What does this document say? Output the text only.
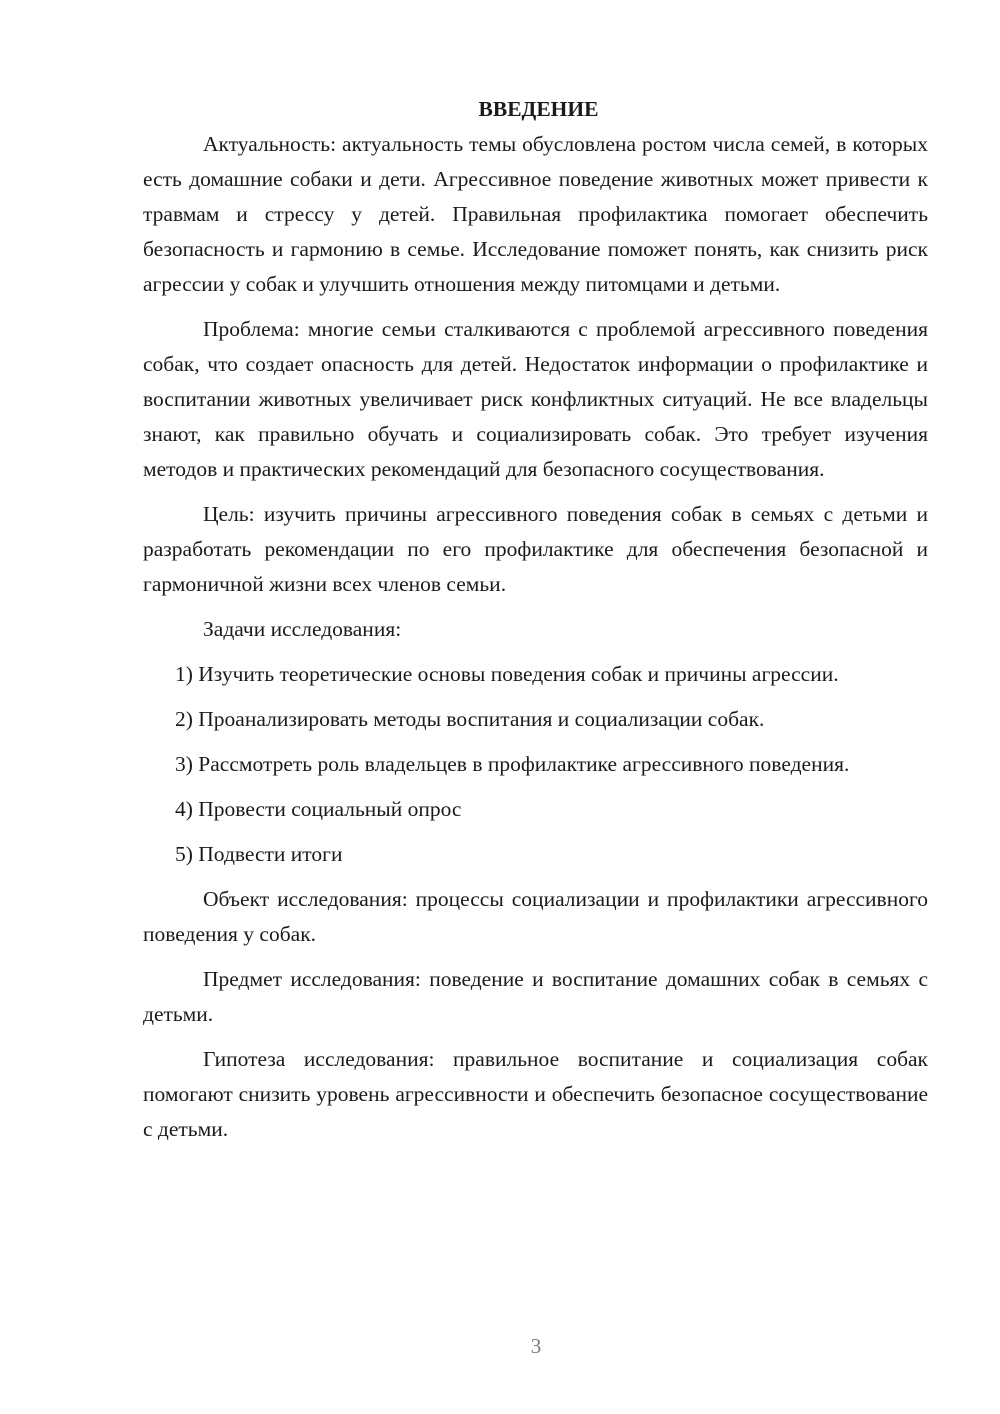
ВВЕДЕНИЕ

Актуальность: актуальность темы обусловлена ростом числа семей, в которых есть домашние собаки и дети. Агрессивное поведение животных может привести к травмам и стрессу у детей. Правильная профилактика помогает обеспечить безопасность и гармонию в семье. Исследование поможет понять, как снизить риск агрессии у собак и улучшить отношения между питомцами и детьми.

Проблема: многие семьи сталкиваются с проблемой агрессивного поведения собак, что создает опасность для детей. Недостаток информации о профилактике и воспитании животных увеличивает риск конфликтных ситуаций. Не все владельцы знают, как правильно обучать и социализировать собак. Это требует изучения методов и практических рекомендаций для безопасного сосуществования.

Цель: изучить причины агрессивного поведения собак в семьях с детьми и разработать рекомендации по его профилактике для обеспечения безопасной и гармоничной жизни всех членов семьи.

Задачи исследования:

1) Изучить теоретические основы поведения собак и причины агрессии.

2) Проанализировать методы воспитания и социализации собак.

3) Рассмотреть роль владельцев в профилактике агрессивного поведения.

4) Провести социальный опрос

5) Подвести итоги

Объект исследования: процессы социализации и профилактики агрессивного поведения у собак.

Предмет исследования: поведение и воспитание домашних собак в семьях с детьми.

Гипотеза исследования: правильное воспитание и социализация собак помогают снизить уровень агрессивности и обеспечить безопасное сосуществование с детьми.

3
